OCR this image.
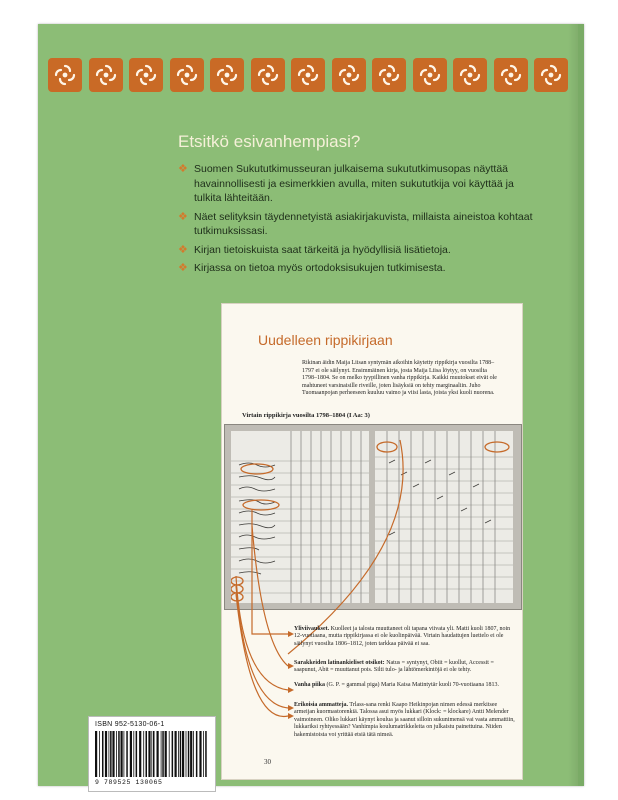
Etsitkö esivanhempiasi?
❖ Suomen Sukututkimusseuran julkaisema sukututkimusopas näyttää havainnollisesti ja esimerkkien avulla, miten sukututkija voi käyttää ja tulkita lähteitään.
❖ Näet selityksin täydennetyistä asiakirjakuvista, millaista aineistoa kohtaat tutkimuksissasi.
❖ Kirjan tietoiskuista saat tärkeitä ja hyödyllisiä lisätietoja.
❖ Kirjassa on tietoa myös ortodoksisukujen tutkimisesta.
Uudelleen rippikirjaan

Rikinan äidin Maija Liisan syntymän aikoihin käytetty rippikirja vuosilta 1788–1797 ei ole säilynyt. Ensimmäinen kirja, josta Maija Liisa löytyy, on vuosilta 1798–1804. Se on melko tyypillinen vanha rippikirja. Kaikki muutokset eivät ole mahtuneet varsinaisille riveille, joten lisäyksiä on tehty marginaaliin. Juho Tuomaanpojan perheeseen kuuluu vaimo ja viisi lasta, joista yksi kuoli nuorena.

Virtain rippikirja vuosilta 1798–1804 (I Aa: 3)

Yliviivaukset. Kuolleet ja talosta muuttaneet oli tapana viivata yli. Matti kuoli 1807, noin 12-vuotiaana, mutta rippikirjassa ei ole kuolinpäivää. Virtain haudattujen luettelo ei ole säilynyt vuosilta 1806–1812, joten tarkkaa päivää ei saa.

Sarakkeiden latinankieliset otsikot: Natus = syntynyt, Obiit = kuollut, Accessit = saapunut, Abit = muuttanut pois. Silti tulo- ja lähtömerkintöjä ei ole tehty.

Vanha piika (G. P. = gammal piga) Maria Kaisa Matintytär kuoli 70-vuotiaana 1813.

Erikoisia ammatteja. Trlass-sana renki Kaapo Heikinpojan nimen edessä merkitsee armeijan kuormastorenkiä. Talossa asui myös lukkari (Klock: = klockare) Antti Melender vaimoineen. Olikо lukkari käynyt koulua ja saanut silloin sukunimensä vai vasta ammattiin, lukkariksi ryhtyessään? Vanhimpia koulumatrikkeleita on julkaistu painettuina. Niiden hakemistoista voi yrittää etsiä tätä nimeä.

30
ISBN 952-5130-06-1
9 789525 130065
